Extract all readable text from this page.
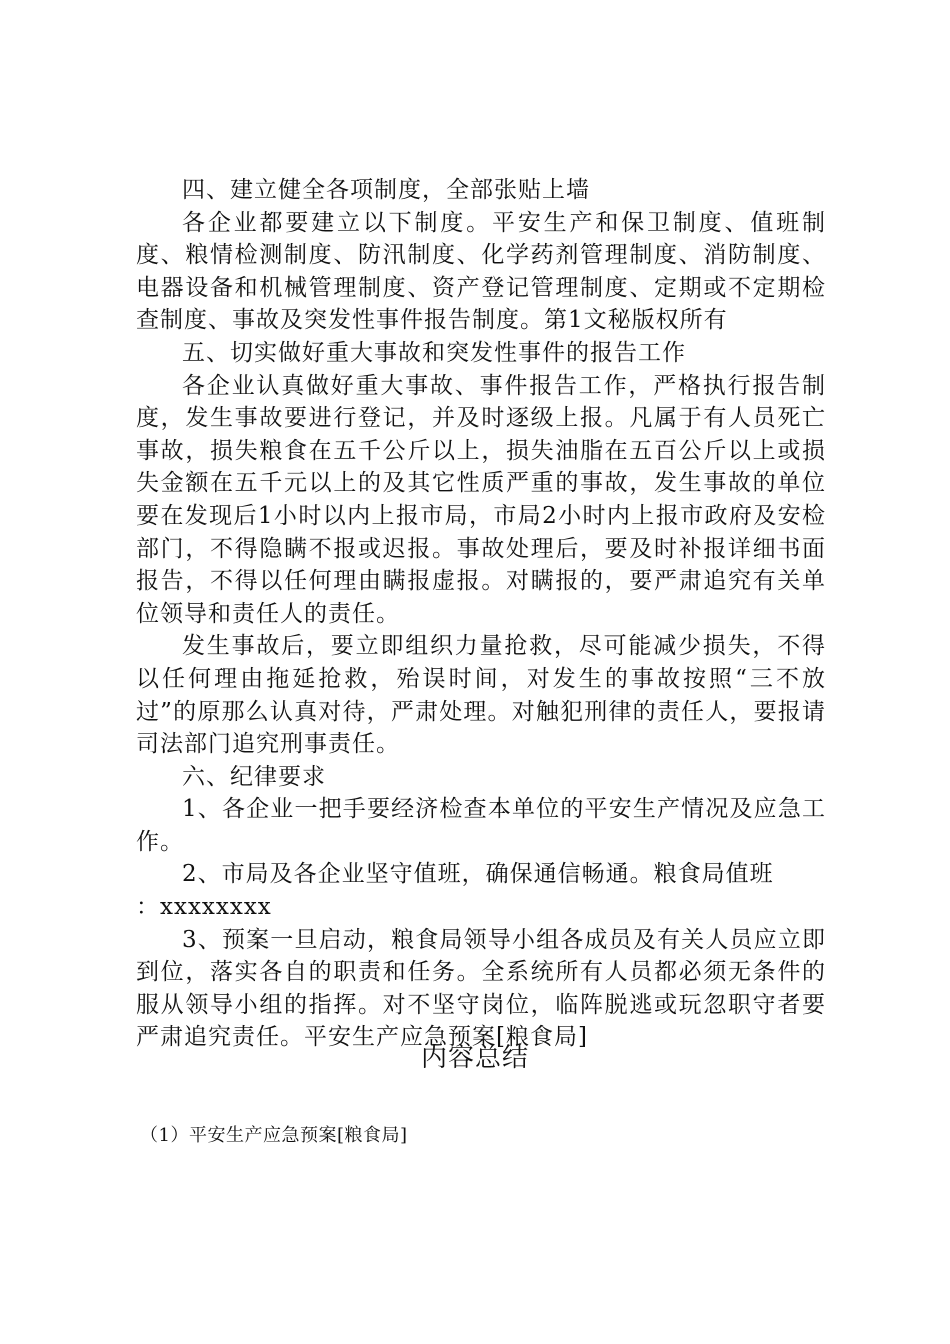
四、建立健全各项制度，全部张贴上墙

各企业都要建立以下制度。平安生产和保卫制度、值班制度、粮情检测制度、防汛制度、化学药剂管理制度、消防制度、电器设备和机械管理制度、资产登记管理制度、定期或不定期检查制度、事故及突发性事件报告制度。第1文秘版权所有

五、切实做好重大事故和突发性事件的报告工作

各企业认真做好重大事故、事件报告工作，严格执行报告制度，发生事故要进行登记，并及时逐级上报。凡属于有人员死亡事故，损失粮食在五千公斤以上，损失油脂在五百公斤以上或损失金额在五千元以上的及其它性质严重的事故，发生事故的单位要在发现后1小时以内上报市局，市局2小时内上报市政府及安检部门，不得隐瞒不报或迟报。事故处理后，要及时补报详细书面报告，不得以任何理由瞒报虚报。对瞒报的，要严肃追究有关单位领导和责任人的责任。

发生事故后，要立即组织力量抢救，尽可能减少损失，不得以任何理由拖延抢救，殆误时间，对发生的事故按照“三不放过”的原那么认真对待，严肃处理。对触犯刑律的责任人，要报请司法部门追究刑事责任。

六、纪律要求

1、各企业一把手要经济检查本单位的平安生产情况及应急工作。

2、市局及各企业坚守值班，确保通信畅通。粮食局值班

：xxxxxxxx

3、预案一旦启动，粮食局领导小组各成员及有关人员应立即到位，落实各自的职责和任务。全系统所有人员都必须无条件的服从领导小组的指挥。对不坚守岗位，临阵脱逃或玩忽职守者要严肃追究责任。平安生产应急预案[粮食局]

内容总结
（1）平安生产应急预案[粮食局]
